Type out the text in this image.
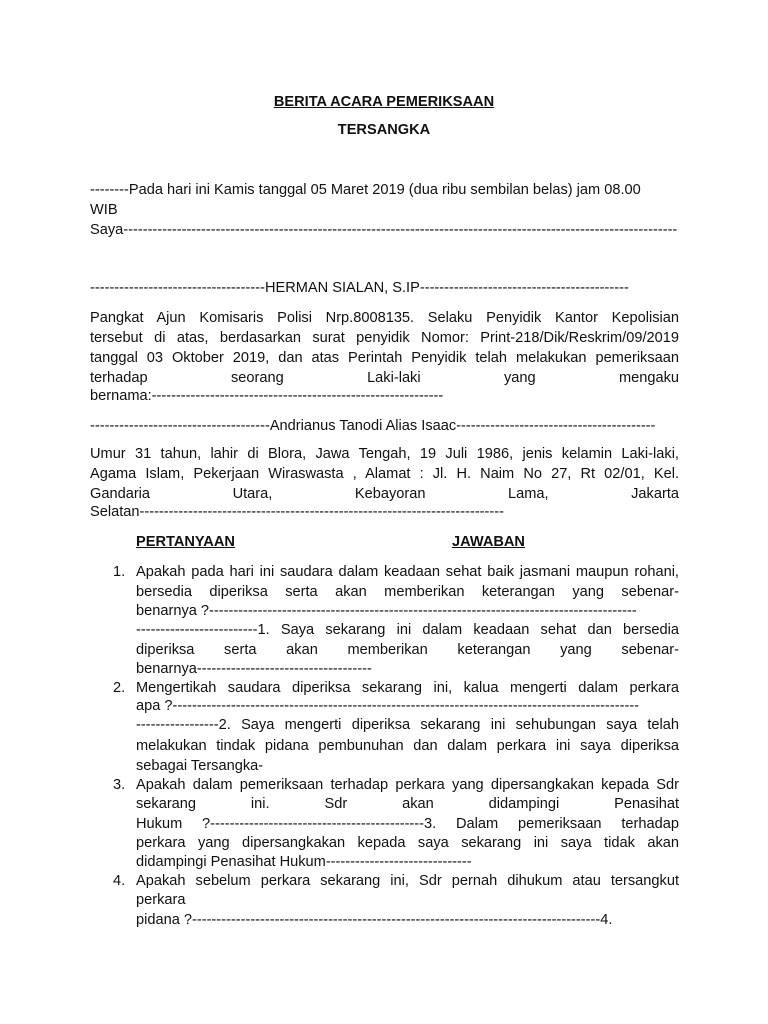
BERITA ACARA PEMERIKSAAN
TERSANGKA
--------Pada hari ini Kamis tanggal 05 Maret 2019 (dua ribu sembilan belas) jam 08.00
WIB
Saya------------------------------------------------------------------------------------------------------------------
------------------------------------HERMAN SIALAN, S.IP-------------------------------------------
Pangkat Ajun Komisaris Polisi Nrp.8008135. Selaku Penyidik Kantor Kepolisian
tersebut di atas, berdasarkan surat penyidik Nomor: Print-218/Dik/Reskrim/09/2019
tanggal 03 Oktober 2019, dan atas Perintah Penyidik telah melakukan pemeriksaan
terhadap seorang Laki-laki yang mengaku
bernama:------------------------------------------------------------
-------------------------------------Andrianus Tanodi Alias Isaac-----------------------------------------
Umur 31 tahun, lahir di Blora, Jawa Tengah, 19 Juli 1986, jenis kelamin Laki-laki,
Agama Islam, Pekerjaan Wiraswasta , Alamat : Jl. H. Naim No 27, Rt 02/01, Kel.
Gandaria Utara, Kebayoran Lama, Jakarta
Selatan---------------------------------------------------------------------------
PERTANYAAN	JAWABAN
1. Apakah pada hari ini saudara dalam keadaan sehat baik jasmani maupun rohani,
bersedia diperiksa serta akan memberikan keterangan yang sebenar-
benarnya ?----------------------------------------------------------------------------------------
-------------------------1. Saya sekarang ini dalam keadaan sehat dan bersedia
diperiksa serta akan memberikan keterangan yang sebenar-
benarnya------------------------------------
2. Mengertikah saudara diperiksa sekarang ini, kalua mengerti dalam perkara
apa ?------------------------------------------------------------------------------------------------
-----------------2. Saya mengerti diperiksa sekarang ini sehubungan saya telah
melakukan tindak pidana pembunuhan dan dalam perkara ini saya diperiksa
sebagai Tersangka-
3. Apakah dalam pemeriksaan terhadap perkara yang dipersangkakan kepada Sdr
sekarang ini. Sdr akan didampingi Penasihat
Hukum ?--------------------------------------------3. Dalam pemeriksaan terhadap
perkara yang dipersangkakan kepada saya sekarang ini saya tidak akan
didampingi Penasihat Hukum------------------------------
4. Apakah sebelum perkara sekarang ini, Sdr pernah dihukum atau tersangkut
perkara
pidana ?------------------------------------------------------------------------------------4.
